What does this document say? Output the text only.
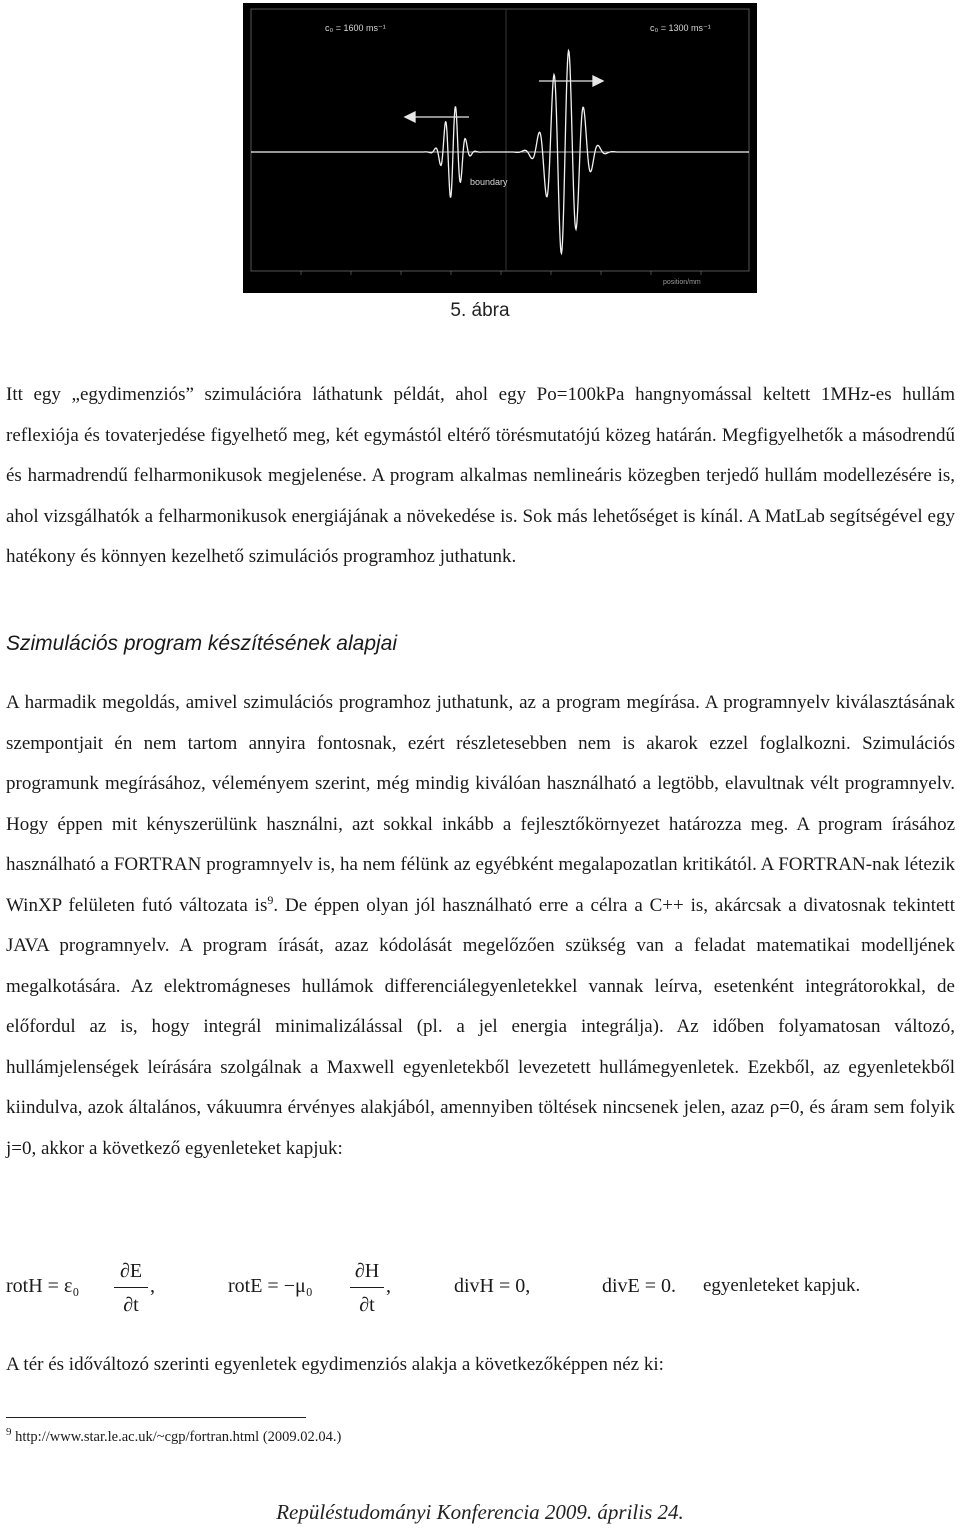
c₀ = 1600 ms⁻¹	c₀ = 1300 ms⁻¹
boundary
position/mm
5. ábra

Itt egy „egydimenziós” szimulációra láthatunk példát, ahol egy Po=100kPa hangnyomással keltett 1MHz-es hullám reflexiója és tovaterjedése figyelhető meg, két egymástól eltérő törésmutatójú közeg határán. Megfigyelhetők a másodrendű és harmadrendű felharmonikusok megjelenése. A program alkalmas nemlineáris közegben terjedő hullám modellezésére is, ahol vizsgálhatók a felharmonikusok energiájának a növekedése is. Sok más lehetőséget is kínál. A MatLab segítségével egy hatékony és könnyen kezelhető szimulációs programhoz juthatunk.

Szimulációs program készítésének alapjai

A harmadik megoldás, amivel szimulációs programhoz juthatunk, az a program megírása. A programnyelv kiválasztásának szempontjait én nem tartom annyira fontosnak, ezért részletesebben nem is akarok ezzel foglalkozni. Szimulációs programunk megírásához, véleményem szerint, még mindig kiválóan használható a legtöbb, elavultnak vélt programnyelv. Hogy éppen mit kényszerülünk használni, azt sokkal inkább a fejlesztőkörnyezet határozza meg. A program írásához használható a FORTRAN programnyelv is, ha nem félünk az egyébként megalapozatlan kritikától. A FORTRAN-nak létezik WinXP felületen futó változata $is^9$. De éppen olyan jól használható erre a célra a C++ is, akárcsak a divatosnak tekintett JAVA programnyelv. A program írását, azaz kódolását megelőzően szükség van a feladat matematikai modelljének megalkotására. Az elektromágneses hullámok differenciálegyenletekkel vannak leírva, esetenként integrátorokkal, de előfordul az is, hogy integrál minimalizálással (pl. a jel energia integrálja). Az időben folyamatosan változó, hullámjelenségek leírására szolgálnak a Maxwell egyenletekből levezetett hullámegyenletek. Ezekből, az egyenletekből kiindulva, azok általános, vákuumra érvényes alakjából, amennyiben töltések nincsenek jelen, azaz ρ=0, és áram sem folyik j=0, akkor a következő egyenleteket kapjuk:

rotH = $\varepsilon_0 \frac{\partial E}{\partial t}$ ,	rotE = $-\mu_0 \frac{\partial H}{\partial t}$ ,	divH = 0,	divE = 0. egyenleteket kapjuk.

A tér és időváltozó szerinti egyenletek egydimenziós alakja a következőképpen néz ki:

$^9$ http://www.star.le.ac.uk/~cgp/fortran.html (2009.02.04.)

Repüléstudományi Konferencia 2009. április 24.
